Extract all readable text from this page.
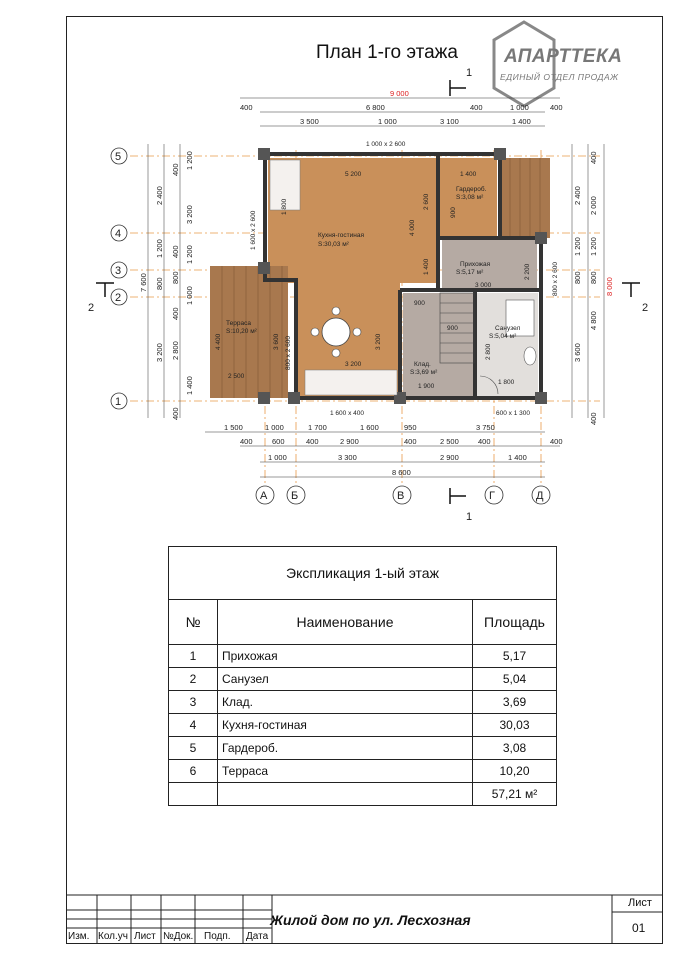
План 1-го этажа АПАРТТЕКА
ЕДИНЫЙ ОТДЕЛ ПРОДАЖ
Кухня-гостиная
S:30,03 м²
Гардероб.
S:3,08 м²
Прихожая
S:5,17 м²
Терраса
S:10,20 м²	Санузел
S:5,04 м²
Клад.
S:3,69 м²
5 200	1 400
3 200
3 000
900
900
2 500
1 900
1 800
1 800
4 000
2 600
1 400	2 200
900
2 800
3 600
4 400	3 200
1 000 x 2 600
1 600 x 2 600
800 x 2 600
800 x 2 600
1 600 x 400	600 x 1 300
9 000
400	6 800	400	1 000	400
3 500	1 000	3 100	1 400
1 500	1 000	1 700	1 600	950	3 750
400	600	400	2 900	400	2 500	400	400
1 000	3 300	2 900	1 400
8 600
400 1 200
3 200
1 200
400
800
1 000
400
2 800
400
2 400
1 200
800
3 200
1 400
7 600
400
2 000
1 200
800
4 800
400
2 400
3 600
1 200
800	8 000
5
4
3
2
1
А Б	В	Г	Д
1
1
2	2
Экспликация 1-ый этаж		
№	Наименование	Площадь
1	Прихожая	5,17
2	Санузел	5,04
3	Клад.	3,69
4	Кухня-гостиная	30,03
5	Гардероб.	3,08
6	Терраса	10,20
		57,21 м²
Изм. Кол.уч Лист №Док. Подп. Дата
Жилой дом по ул. Лесхозная
Лист
01
